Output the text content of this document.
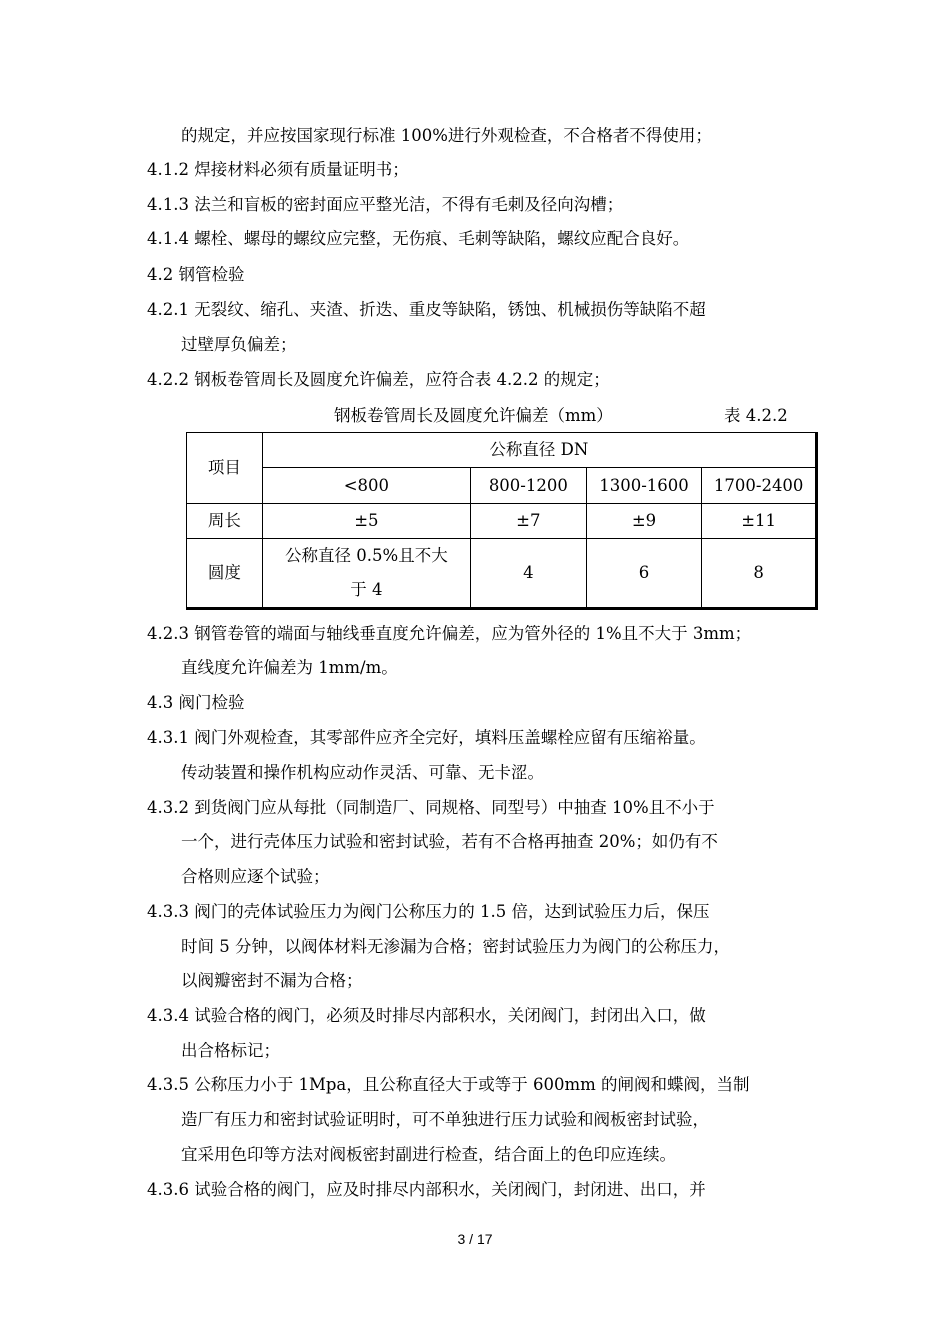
的规定，并应按国家现行标准 100%进行外观检查，不合格者不得使用；
4.1.2 焊接材料必须有质量证明书；
4.1.3 法兰和盲板的密封面应平整光洁，不得有毛刺及径向沟槽；
4.1.4 螺栓、螺母的螺纹应完整，无伤痕、毛刺等缺陷，螺纹应配合良好。
4.2 钢管检验
4.2.1 无裂纹、缩孔、夹渣、折迭、重皮等缺陷，锈蚀、机械损伤等缺陷不超
过壁厚负偏差；
4.2.2 钢板卷管周长及圆度允许偏差，应符合表 4.2.2 的规定；
钢板卷管周长及圆度允许偏差（mm）	表 4.2.2
项目	公称直径 DN			
	<800	800-1200	1300-1600	1700-2400
周长	±5	±7	±9	±11
圆度	公称直径 0.5%且不大于 4	4	6	8
4.2.3 钢管卷管的端面与轴线垂直度允许偏差，应为管外径的 1%且不大于 3mm；
直线度允许偏差为 1mm/m。
4.3 阀门检验
4.3.1 阀门外观检查，其零部件应齐全完好，填料压盖螺栓应留有压缩裕量。
传动装置和操作机构应动作灵活、可靠、无卡涩。
4.3.2 到货阀门应从每批（同制造厂、同规格、同型号）中抽查 10%且不小于
一个，进行壳体压力试验和密封试验，若有不合格再抽查 20%；如仍有不
合格则应逐个试验；
4.3.3 阀门的壳体试验压力为阀门公称压力的 1.5 倍，达到试验压力后，保压
时间 5 分钟，以阀体材料无渗漏为合格；密封试验压力为阀门的公称压力，
以阀瓣密封不漏为合格；
4.3.4 试验合格的阀门，必须及时排尽内部积水，关闭阀门，封闭出入口，做
出合格标记；
4.3.5 公称压力小于 1Mpa，且公称直径大于或等于 600mm 的闸阀和蝶阀，当制
造厂有压力和密封试验证明时，可不单独进行压力试验和阀板密封试验，
宜采用色印等方法对阀板密封副进行检查，结合面上的色印应连续。
4.3.6 试验合格的阀门，应及时排尽内部积水，关闭阀门，封闭进、出口，并
3 / 17
